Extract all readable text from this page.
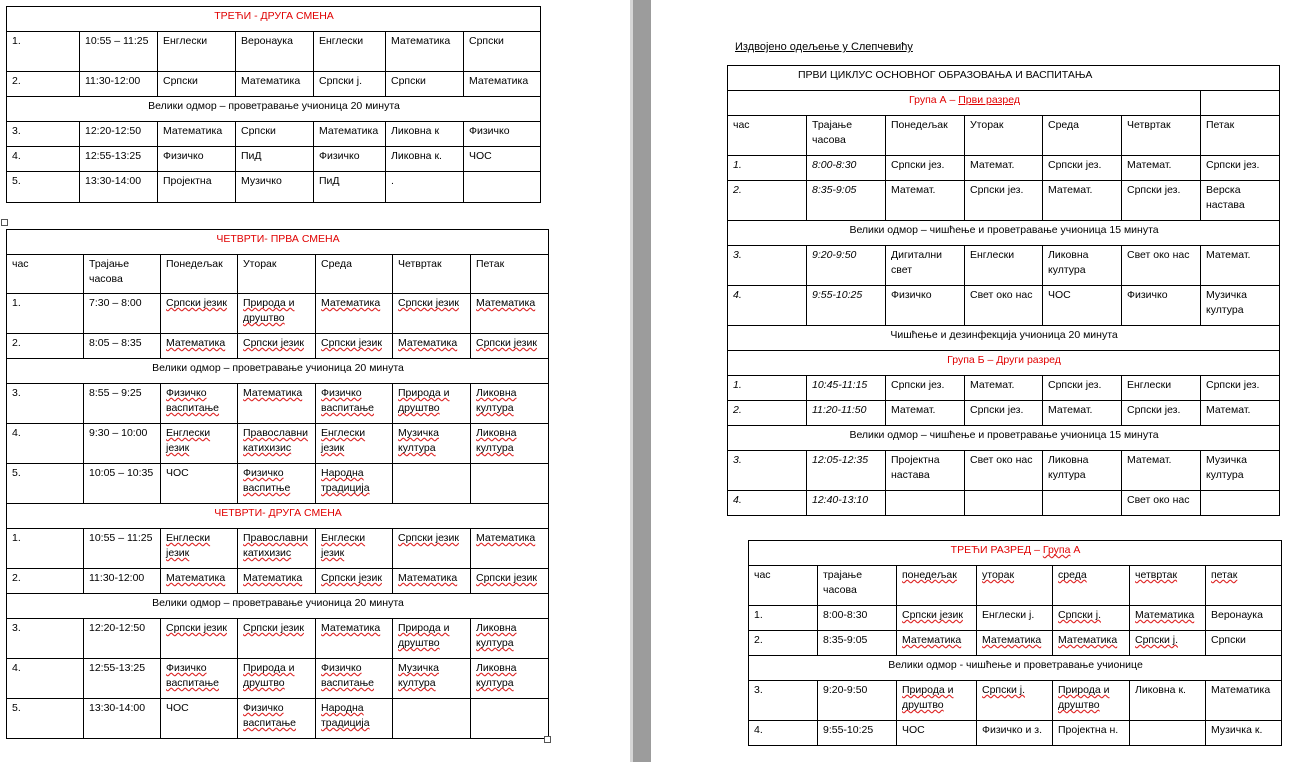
ТРЕЋИ - ДРУГА СМЕНА						
1.	10:55 – 11:25	Енглески	Веронаука	Енглески	Математика	Српски
2.	11:30-12:00	Српски	Математика	Српски j.	Српски	Математика
Велики одмор – проветравање учионица 20 минута						
3.	12:20-12:50	Математика	Српски	Математика	Ликовна к	Физичко
4.	12:55-13:25	Физичко	ПиД	Физичко	Ликовна к.	ЧОС
5.	13:30-14:00	Пројектна	Музичко	ПиД	.	
ЧЕТВРТИ- ПРВА СМЕНА						
час	Трајање часова	Понедељак	Уторак	Среда	Четвртак	Петак
1.	7:30 – 8:00	Српски језик	Природа и друштво	Математика	Српски језик	Математика
2.	8:05 – 8:35	Математика	Српски језик	Српски језик	Математика	Српски језик
Велики одмор – проветравање учионица 20 минута						
3.	8:55 – 9:25	Физичко васпитање	Математика	Физичко васпитање	Природа и друштво	Ликовна култура
4.	9:30 – 10:00	Енглески језик	Православни катихизис	Енглески језик	Музичка култура	Ликовна култура
5.	10:05 – 10:35	ЧОС	Физичко васпитње	Народна традиција		
ЧЕТВРТИ- ДРУГА СМЕНА						
1.	10:55 – 11:25	Енглески језик	Православни катихизис	Енглески језик	Српски језик	Математика
2.	11:30-12:00	Математика	Математика	Српски језик	Математика	Српски језик
Велики одмор – проветравање учионица 20 минута						
3.	12:20-12:50	Српски језик	Српски језик	Математика	Природа и друштво	Ликовна култура
4.	12:55-13:25	Физичко васпитање	Природа и друштво	Физичко васпитање	Музичка култура	Ликовна култура
5.	13:30-14:00	ЧОС	Физичко васпитање	Народна традиција		
ПРВИ ЦИКЛУС ОСНОВНОГ ОБРАЗОВАЊА И ВАСПИТАЊА						
Група А – Први разред						
час	Трајање часова	Понедељак	Уторак	Среда	Четвртак	Петак
1.	8:00-8:30	Српски јез.	Математ.	Српски јез.	Математ.	Српски јез.
2.	8:35-9:05	Математ.	Српски јез.	Математ.	Српски јез.	Верска настава
Велики одмор – чишћење и проветравање учионица 15 минута						
3.	9:20-9:50	Дигитални свет	Енглески	Ликовна култура	Свет око нас	Математ.
4.	9:55-10:25	Физичко	Свет око нас	ЧОС	Физичко	Музичка култура
Чишћење и дезинфекција учионица 20 минута						
Група Б – Други разред						
1.	10:45-11:15	Српски јез.	Математ.	Српски јез.	Енглески	Српски јез.
2.	11:20-11:50	Математ.	Српски јез.	Математ.	Српски јез.	Математ.
Велики одмор – чишћење и проветравање учионица 15 минута						
3.	12:05-12:35	Пројектна настава	Свет око нас	Ликовна култура	Математ.	Музичка култура
4.	12:40-13:10				Свет око нас	
ТРЕЋИ РАЗРЕД – Група А						
час	трајање часова	понедељак	уторак	среда	четвртак	петак
1.	8:00-8:30	Српски језик	Енглески j.	Српски j.	Математика	Веронаука
2.	8:35-9:05	Математика	Математика	Математика	Српски j.	Српски
Велики одмор - чишћење и проветравање учионице						
3.	9:20-9:50	Природа и друштво	Српски j.	Природа и друштво	Ликовна к.	Математика
4.	9:55-10:25	ЧОС	Физичко и з.	Пројектна н.		Музичка к.
Издвојено одељење у Слепчевићу
